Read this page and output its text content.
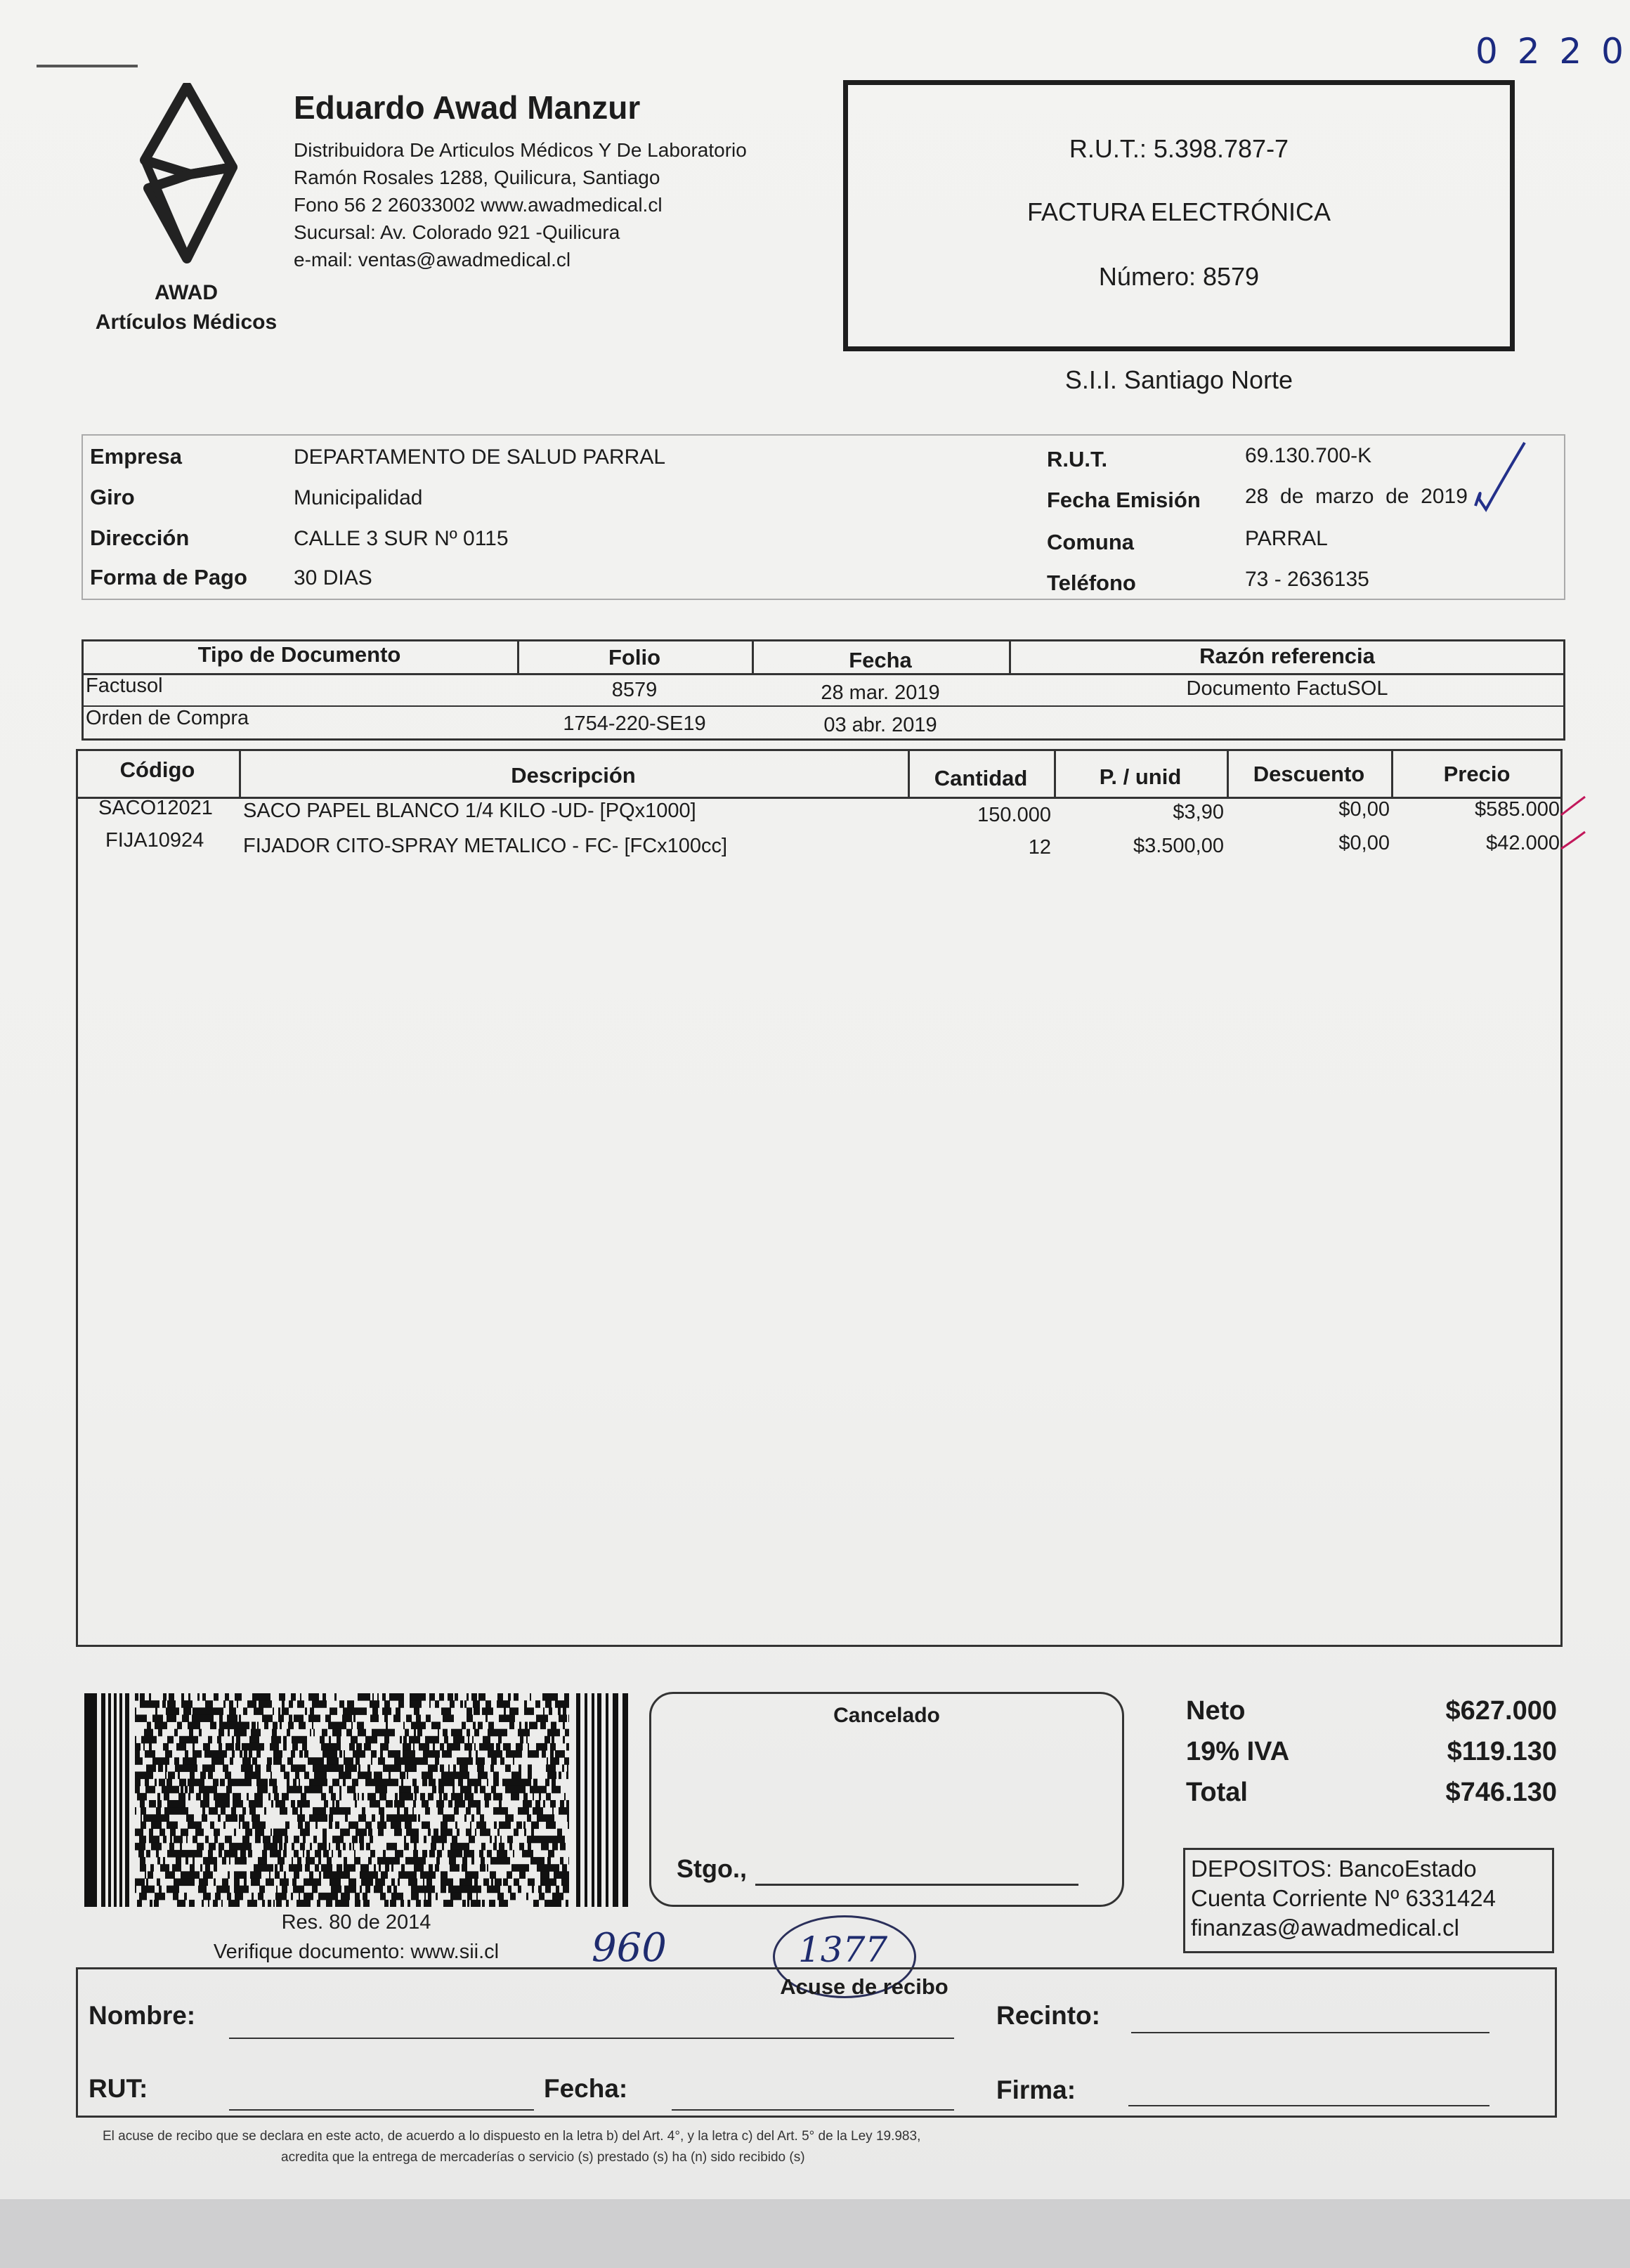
0 2 2 0
AWAD
Artículos Médicos
Eduardo Awad Manzur
Distribuidora De Articulos Médicos Y De Laboratorio
Ramón Rosales 1288, Quilicura, Santiago
Fono 56 2 26033002 www.awadmedical.cl
Sucursal: Av. Colorado 921 -Quilicura
e-mail: ventas@awadmedical.cl
R.U.T.: 5.398.787-7
FACTURA ELECTRÓNICA
Número: 8579
S.I.I. Santiago Norte
Empresa	DEPARTAMENTO DE SALUD PARRAL
Giro	Municipalidad
Dirección	CALLE 3 SUR Nº 0115
Forma de Pago 30 DIAS
R.U.T.	69.130.700-K
Fecha Emisión 28  de  marzo  de  2019
Comuna	PARRAL
Teléfono	73 - 2636135
Tipo de Documento	Folio	Fecha	Razón referencia
Factusol	8579	28 mar. 2019	Documento FactuSOL
Orden de Compra	1754-220-SE19	03 abr. 2019
Código	Descripción	Cantidad	P. / unid	Descuento	Precio
SACO12021 SACO PAPEL BLANCO 1/4 KILO -UD- [PQx1000]	150.000	$3,90	$0,00	$585.000
FIJA10924 FIJADOR CITO-SPRAY METALICO - FC- [FCx100cc]	12	$3.500,00	$0,00	$42.000
Res. 80 de 2014
Verifique documento: www.sii.cl	960
Cancelado
Stgo.,
Neto	$627.000
19% IVA	$119.130
Total	$746.130
DEPOSITOS: BancoEstado
Cuenta Corriente Nº 6331424
finanzas@awadmedical.cl
1377
Acuse de recibo
Nombre:	Recinto:
RUT:	Fecha:	Firma:
El acuse de recibo que se declara en este acto, de acuerdo a lo dispuesto en la letra b) del Art. 4°, y la letra c) del Art. 5° de la Ley 19.983,
acredita que la entrega de mercaderías o servicio (s) prestado (s) ha (n) sido recibido (s)
